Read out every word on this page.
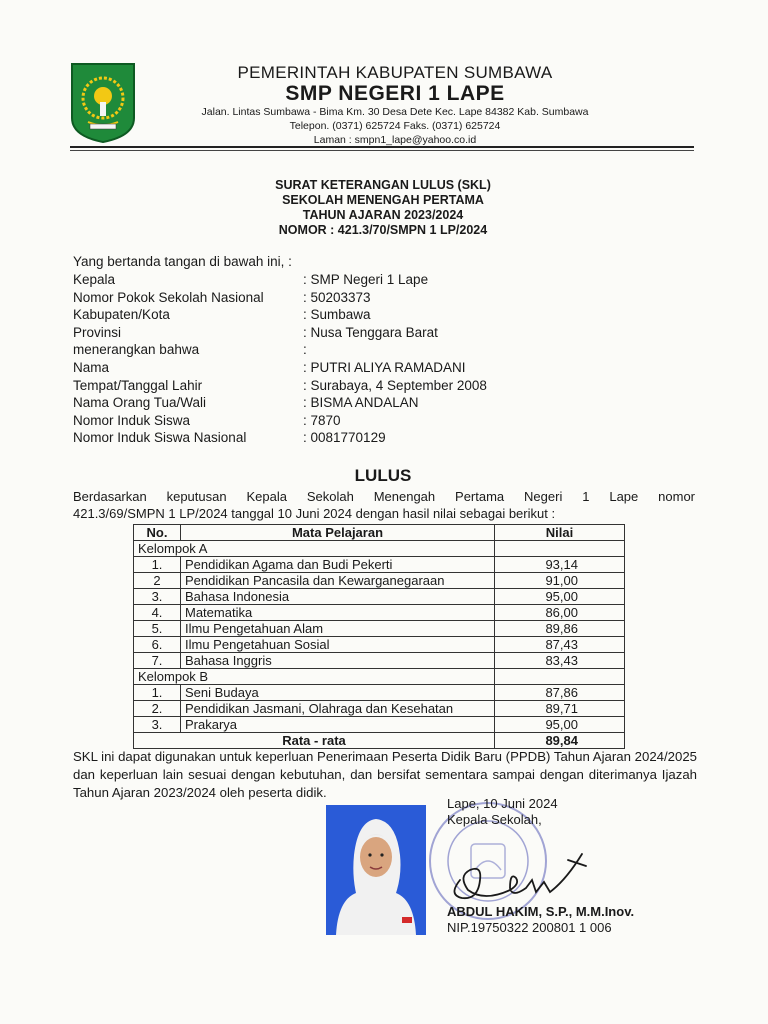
PEMERINTAH KABUPATEN SUMBAWA
SMP NEGERI 1 LAPE
Jalan. Lintas Sumbawa - Bima Km. 30 Desa Dete Kec. Lape 84382 Kab. Sumbawa
Telepon. (0371) 625724 Faks. (0371) 625724
Laman : smpn1_lape@yahoo.co.id
SURAT KETERANGAN LULUS (SKL)
SEKOLAH MENENGAH PERTAMA
TAHUN AJARAN 2023/2024
NOMOR : 421.3/70/SMPN 1 LP/2024
Yang bertanda tangan di bawah ini, :
Kepala	: SMP Negeri 1 Lape
Nomor Pokok Sekolah Nasional	: 50203373
Kabupaten/Kota	: Sumbawa
Provinsi	: Nusa Tenggara Barat
menerangkan bahwa	:
Nama	: PUTRI ALIYA RAMADANI
Tempat/Tanggal Lahir	: Surabaya, 4 September 2008
Nama Orang Tua/Wali	: BISMA ANDALAN
Nomor Induk Siswa	: 7870
Nomor Induk Siswa Nasional	: 0081770129
LULUS
Berdasarkan keputusan Kepala Sekolah Menengah Pertama Negeri 1 Lape nomor
421.3/69/SMPN 1 LP/2024 tanggal 10 Juni 2024 dengan hasil nilai sebagai berikut :
No.	Mata Pelajaran	Nilai
Kelompok A		
1.	Pendidikan Agama dan Budi Pekerti	93,14
2	Pendidikan Pancasila dan Kewarganegaraan	91,00
3.	Bahasa Indonesia	95,00
4.	Matematika	86,00
5.	Ilmu Pengetahuan Alam	89,86
6.	Ilmu Pengetahuan Sosial	87,43
7.	Bahasa Inggris	83,43
Kelompok B		
1.	Seni Budaya	87,86
2.	Pendidikan Jasmani, Olahraga dan Kesehatan	89,71
3.	Prakarya	95,00
Rata - rata		89,84
SKL ini dapat digunakan untuk keperluan Penerimaan Peserta Didik Baru (PPDB) Tahun Ajaran 2024/2025 dan keperluan lain sesuai dengan kebutuhan, dan bersifat sementara sampai dengan diterimanya Ijazah Tahun Ajaran 2023/2024 oleh peserta didik.
Lape, 10 Juni 2024
Kepala Sekolah,
ABDUL HAKIM, S.P., M.M.Inov.
NIP.19750322 200801 1 006
